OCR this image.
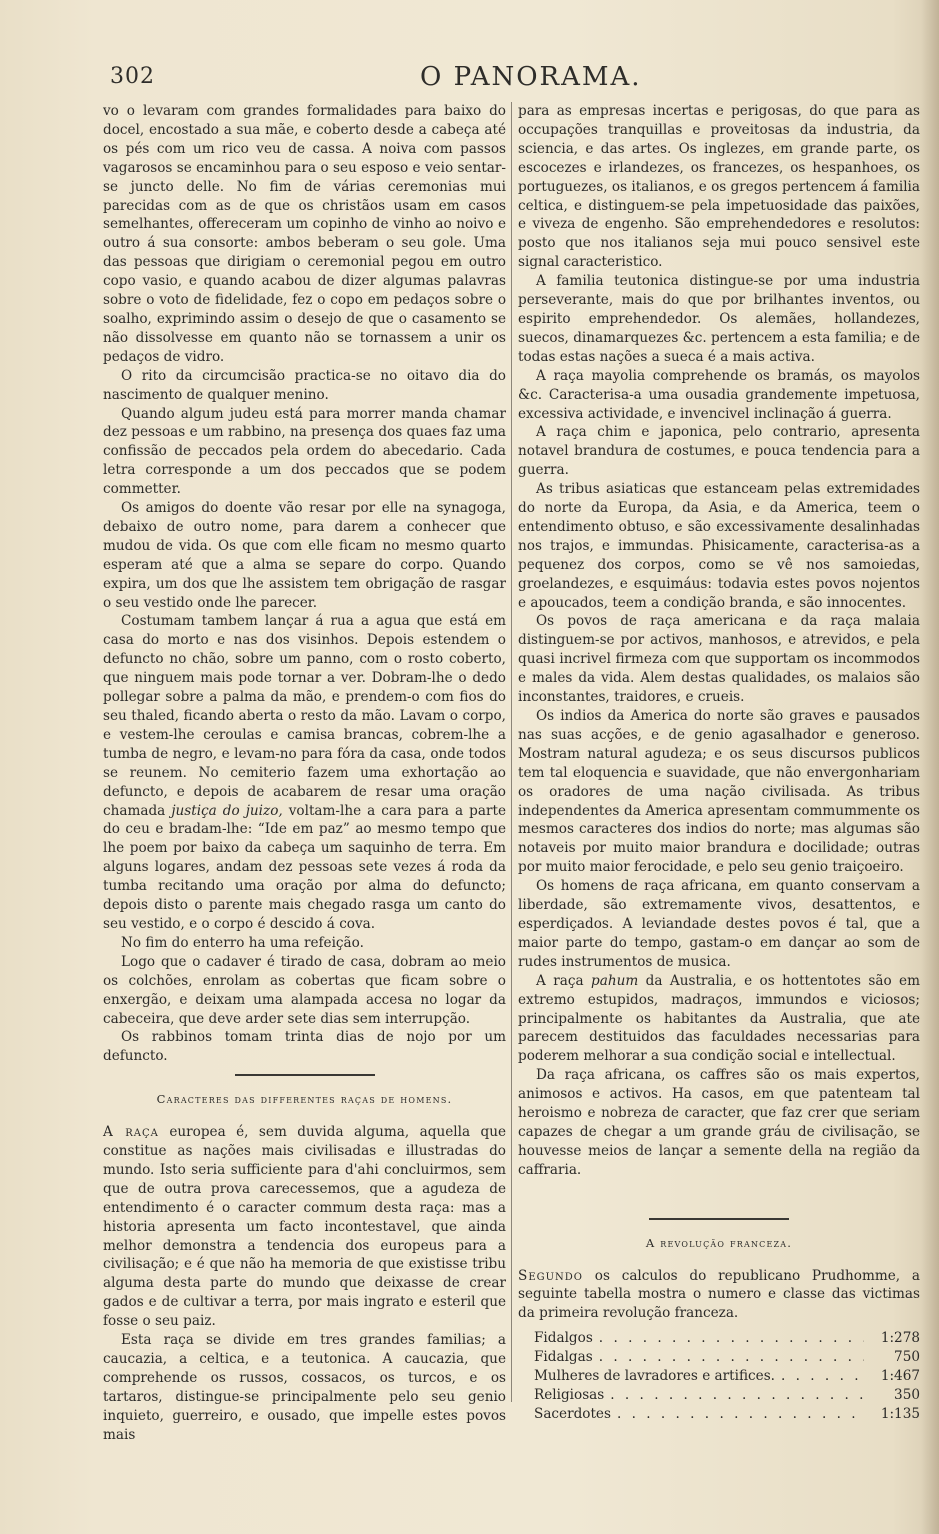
302	O PANORAMA.

vo o levaram com grandes formalidades para baixo do docel, encostado a sua mãe, e coberto desde a cabeça até os pés com um rico veu de cassa. A noiva com passos vagarosos se encaminhou para o seu esposo e veio sentar-se juncto delle. No fim de várias ceremonias mui parecidas com as de que os christãos usam em casos semelhantes, offereceram um copinho de vinho ao noivo e outro á sua consorte: ambos beberam o seu gole. Uma das pessoas que dirigiam o ceremonial pegou em outro copo vasio, e quando acabou de dizer algumas palavras sobre o voto de fidelidade, fez o copo em pedaços sobre o soalho, exprimindo assim o desejo de que o casamento se não dissolvesse em quanto não se tornassem a unir os pedaços de vidro.

O rito da circumcisão practica-se no oitavo dia do nascimento de qualquer menino.

Quando algum judeu está para morrer manda chamar dez pessoas e um rabbino, na presença dos quaes faz uma confissão de peccados pela ordem do abecedario. Cada letra corresponde a um dos peccados que se podem commetter.

Os amigos do doente vão resar por elle na synagoga, debaixo de outro nome, para darem a conhecer que mudou de vida. Os que com elle ficam no mesmo quarto esperam até que a alma se separe do corpo. Quando expira, um dos que lhe assistem tem obrigação de rasgar o seu vestido onde lhe parecer.

Costumam tambem lançar á rua a agua que está em casa do morto e nas dos visinhos. Depois estendem o defuncto no chão, sobre um panno, com o rosto coberto, que ninguem mais pode tornar a ver. Dobram-lhe o dedo pollegar sobre a palma da mão, e prendem-o com fios do seu thaled, ficando aberta o resto da mão. Lavam o corpo, e vestem-lhe ceroulas e camisa brancas, cobrem-lhe a tumba de negro, e levam-no para fóra da casa, onde todos se reunem. No cemiterio fazem uma exhortação ao defuncto, e depois de acabarem de resar uma oração chamada justiça do juizo, voltam-lhe a cara para a parte do ceu e bradam-lhe: “Ide em paz” ao mesmo tempo que lhe poem por baixo da cabeça um saquinho de terra. Em alguns logares, andam dez pessoas sete vezes á roda da tumba recitando uma oração por alma do defuncto; depois disto o parente mais chegado rasga um canto do seu vestido, e o corpo é descido á cova.

No fim do enterro ha uma refeição.

Logo que o cadaver é tirado de casa, dobram ao meio os colchões, enrolam as cobertas que ficam sobre o enxergão, e deixam uma alampada accesa no logar da cabeceira, que deve arder sete dias sem interrupção.

Os rabbinos tomam trinta dias de nojo por um defuncto.

Caracteres das differentes raças de homens.

A raça europea é, sem duvida alguma, aquella que constitue as nações mais civilisadas e illustradas do mundo. Isto seria sufficiente para d'ahi concluirmos, sem que de outra prova carecessemos, que a agudeza de entendimento é o caracter commum desta raça: mas a historia apresenta um facto incontestavel, que ainda melhor demonstra a tendencia dos europeus para a civilisação; e é que não ha memoria de que existisse tribu alguma desta parte do mundo que deixasse de crear gados e de cultivar a terra, por mais ingrato e esteril que fosse o seu paiz.

Esta raça se divide em tres grandes familias; a caucazia, a celtica, e a teutonica. A caucazia, que comprehende os russos, cossacos, os turcos, e os tartaros, distingue-se principalmente pelo seu genio inquieto, guerreiro, e ousado, que impelle estes povos mais

para as empresas incertas e perigosas, do que para as occupações tranquillas e proveitosas da industria, da sciencia, e das artes. Os inglezes, em grande parte, os escocezes e irlandezes, os francezes, os hespanhoes, os portuguezes, os italianos, e os gregos pertencem á familia celtica, e distinguem-se pela impetuosidade das paixões, e viveza de engenho. São emprehendedores e resolutos: posto que nos italianos seja mui pouco sensivel este signal caracteristico.

A familia teutonica distingue-se por uma industria perseverante, mais do que por brilhantes inventos, ou espirito emprehendedor. Os alemães, hollandezes, suecos, dinamarquezes &c. pertencem a esta familia; e de todas estas nações a sueca é a mais activa.

A raça mayolia comprehende os bramás, os mayolos &c. Caracterisa-a uma ousadia grandemente impetuosa, excessiva actividade, e invencivel inclinação á guerra.

A raça chim e japonica, pelo contrario, apresenta notavel brandura de costumes, e pouca tendencia para a guerra.

As tribus asiaticas que estanceam pelas extremidades do norte da Europa, da Asia, e da America, teem o entendimento obtuso, e são excessivamente desalinhadas nos trajos, e immundas. Phisicamente, caracterisa-as a pequenez dos corpos, como se vê nos samoiedas, groelandezes, e esquimáus: todavia estes povos nojentos e apoucados, teem a condição branda, e são innocentes.

Os povos de raça americana e da raça malaia distinguem-se por activos, manhosos, e atrevidos, e pela quasi incrivel firmeza com que supportam os incommodos e males da vida. Alem destas qualidades, os malaios são inconstantes, traidores, e crueis.

Os indios da America do norte são graves e pausados nas suas acções, e de genio agasalhador e generoso. Mostram natural agudeza; e os seus discursos publicos tem tal eloquencia e suavidade, que não envergonhariam os oradores de uma nação civilisada. As tribus independentes da America apresentam commummente os mesmos caracteres dos indios do norte; mas algumas são notaveis por muito maior brandura e docilidade; outras por muito maior ferocidade, e pelo seu genio traiçoeiro.

Os homens de raça africana, em quanto conservam a liberdade, são extremamente vivos, desattentos, e esperdiçados. A leviandade destes povos é tal, que a maior parte do tempo, gastam-o em dançar ao som de rudes instrumentos de musica.

A raça pahum da Australia, e os hottentotes são em extremo estupidos, madraços, immundos e viciosos; principalmente os habitantes da Australia, que ate parecem destituidos das faculdades necessarias para poderem melhorar a sua condição social e intellectual.

Da raça africana, os caffres são os mais expertos, animosos e activos. Ha casos, em que patenteam tal heroismo e nobreza de caracter, que faz crer que seriam capazes de chegar a um grande gráu de civilisação, se houvesse meios de lançar a semente della na região da caffraria.

A revolução franceza.

Segundo os calculos do republicano Prudhomme, a seguinte tabella mostra o numero e classe das victimas da primeira revolução franceza.

Fidalgos . . .	1:278
Fidalgas . . .	750
Mulheres de lavradores e artifices. . . .	1:467
Religiosas . . .	350
Sacerdotes . . .	1:135
